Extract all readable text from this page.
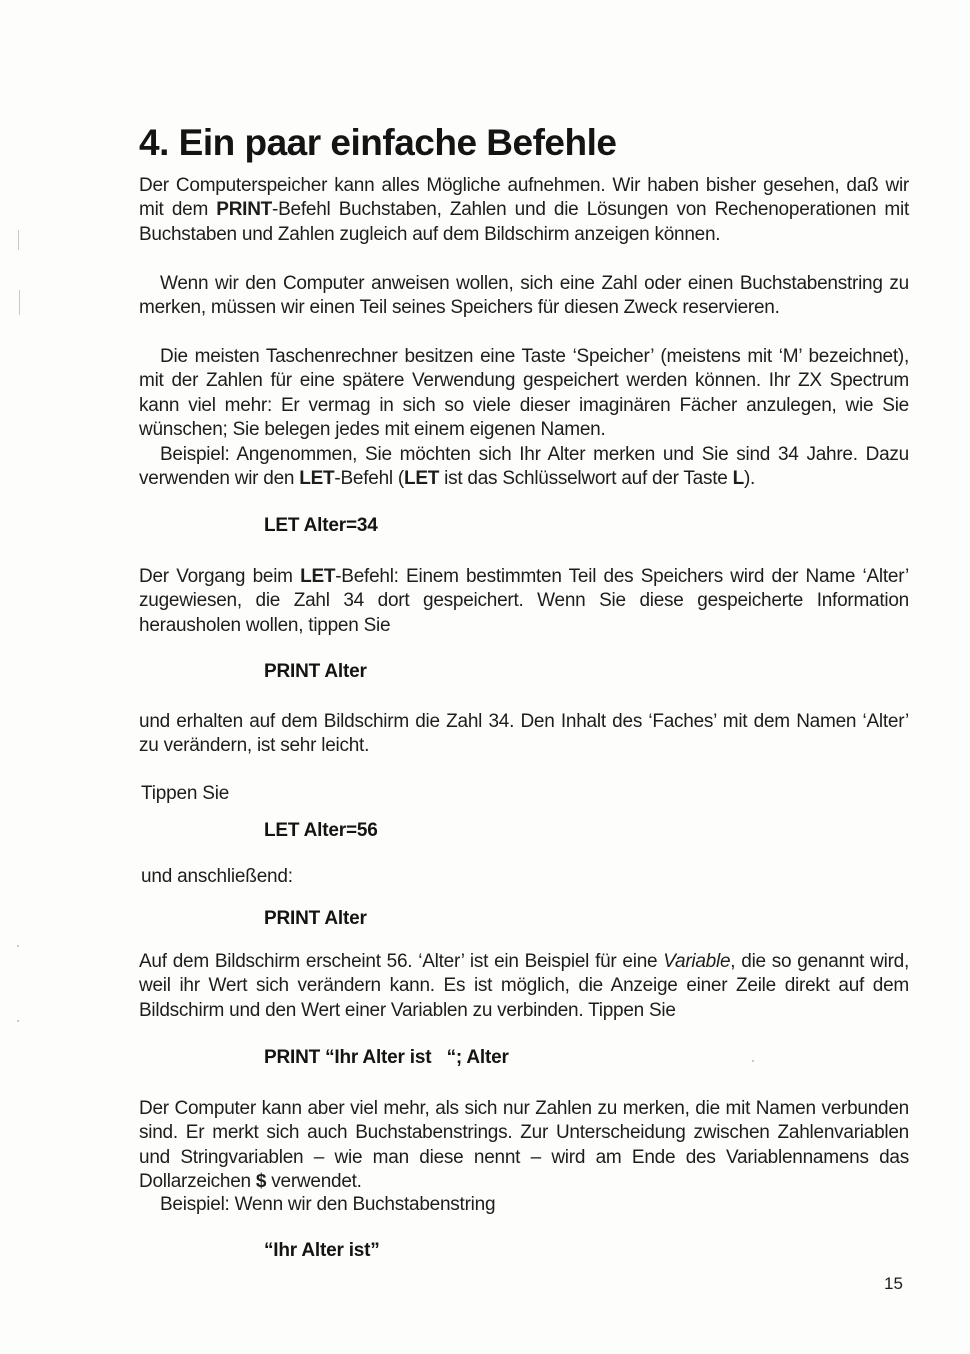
4. Ein paar einfache Befehle

Der Computerspeicher kann alles Mögliche aufnehmen. Wir haben bisher gesehen, daß wir mit dem PRINT-Befehl Buchstaben, Zahlen und die Lösungen von Rechenoperationen mit Buchstaben und Zahlen zugleich auf dem Bildschirm anzeigen können.

Wenn wir den Computer anweisen wollen, sich eine Zahl oder einen Buchstabenstring zu merken, müssen wir einen Teil seines Speichers für diesen Zweck reservieren.

Die meisten Taschenrechner besitzen eine Taste ‘Speicher’ (meistens mit ‘M’ bezeichnet), mit der Zahlen für eine spätere Verwendung gespeichert werden können. Ihr ZX Spectrum kann viel mehr: Er vermag in sich so viele dieser imaginären Fächer anzulegen, wie Sie wünschen; Sie belegen jedes mit einem eigenen Namen.

Beispiel: Angenommen, Sie möchten sich Ihr Alter merken und Sie sind 34 Jahre. Dazu verwenden wir den LET-Befehl (LET ist das Schlüsselwort auf der Taste L).

LET Alter=34

Der Vorgang beim LET-Befehl: Einem bestimmten Teil des Speichers wird der Name ‘Alter’ zugewiesen, die Zahl 34 dort gespeichert. Wenn Sie diese gespeicherte Information herausholen wollen, tippen Sie

PRINT Alter

und erhalten auf dem Bildschirm die Zahl 34. Den Inhalt des ‘Faches’ mit dem Namen ‘Alter’ zu verändern, ist sehr leicht.

Tippen Sie

LET Alter=56

und anschließend:

PRINT Alter

Auf dem Bildschirm erscheint 56. ‘Alter’ ist ein Beispiel für eine Variable, die so genannt wird, weil ihr Wert sich verändern kann. Es ist möglich, die Anzeige einer Zeile direkt auf dem Bildschirm und den Wert einer Variablen zu verbinden. Tippen Sie

PRINT “Ihr Alter ist   “; Alter

Der Computer kann aber viel mehr, als sich nur Zahlen zu merken, die mit Namen verbunden sind. Er merkt sich auch Buchstabenstrings. Zur Unterscheidung zwischen Zahlenvariablen und Stringvariablen – wie man diese nennt – wird am Ende des Variablennamens das Dollarzeichen $ verwendet.

Beispiel: Wenn wir den Buchstabenstring

“Ihr Alter ist”

15
